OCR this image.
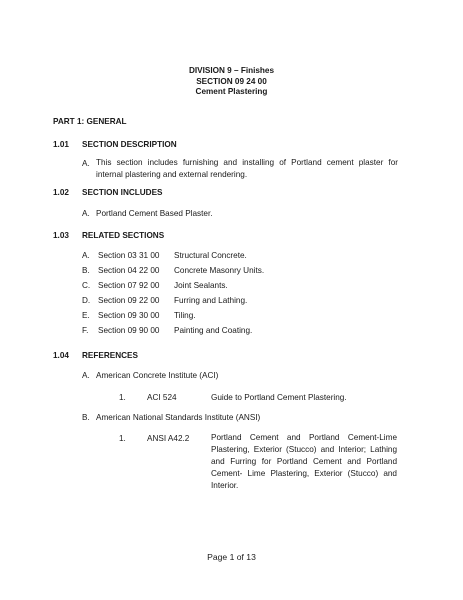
DIVISION 9 – Finishes
SECTION 09 24 00
Cement Plastering
PART 1: GENERAL
1.01 SECTION DESCRIPTION
A. This section includes furnishing and installing of Portland cement plaster for internal plastering and external rendering.
1.02 SECTION INCLUDES
A. Portland Cement Based Plaster.
1.03 RELATED SECTIONS
A. Section 03 31 00 Structural Concrete.
B. Section 04 22 00 Concrete Masonry Units.
C. Section 07 92 00 Joint Sealants.
D. Section 09 22 00 Furring and Lathing.
E. Section 09 30 00 Tiling.
F. Section 09 90 00 Painting and Coating.
1.04 REFERENCES
A. American Concrete Institute (ACI)
1.	ACI 524	Guide to Portland Cement Plastering.
B. American National Standards Institute (ANSI)
1.	ANSI A42.2	Portland Cement and Portland Cement-Lime Plastering, Exterior (Stucco) and Interior; Lathing and Furring for Portland Cement and Portland Cement- Lime Plastering, Exterior (Stucco) and Interior.
Page 1 of 13
